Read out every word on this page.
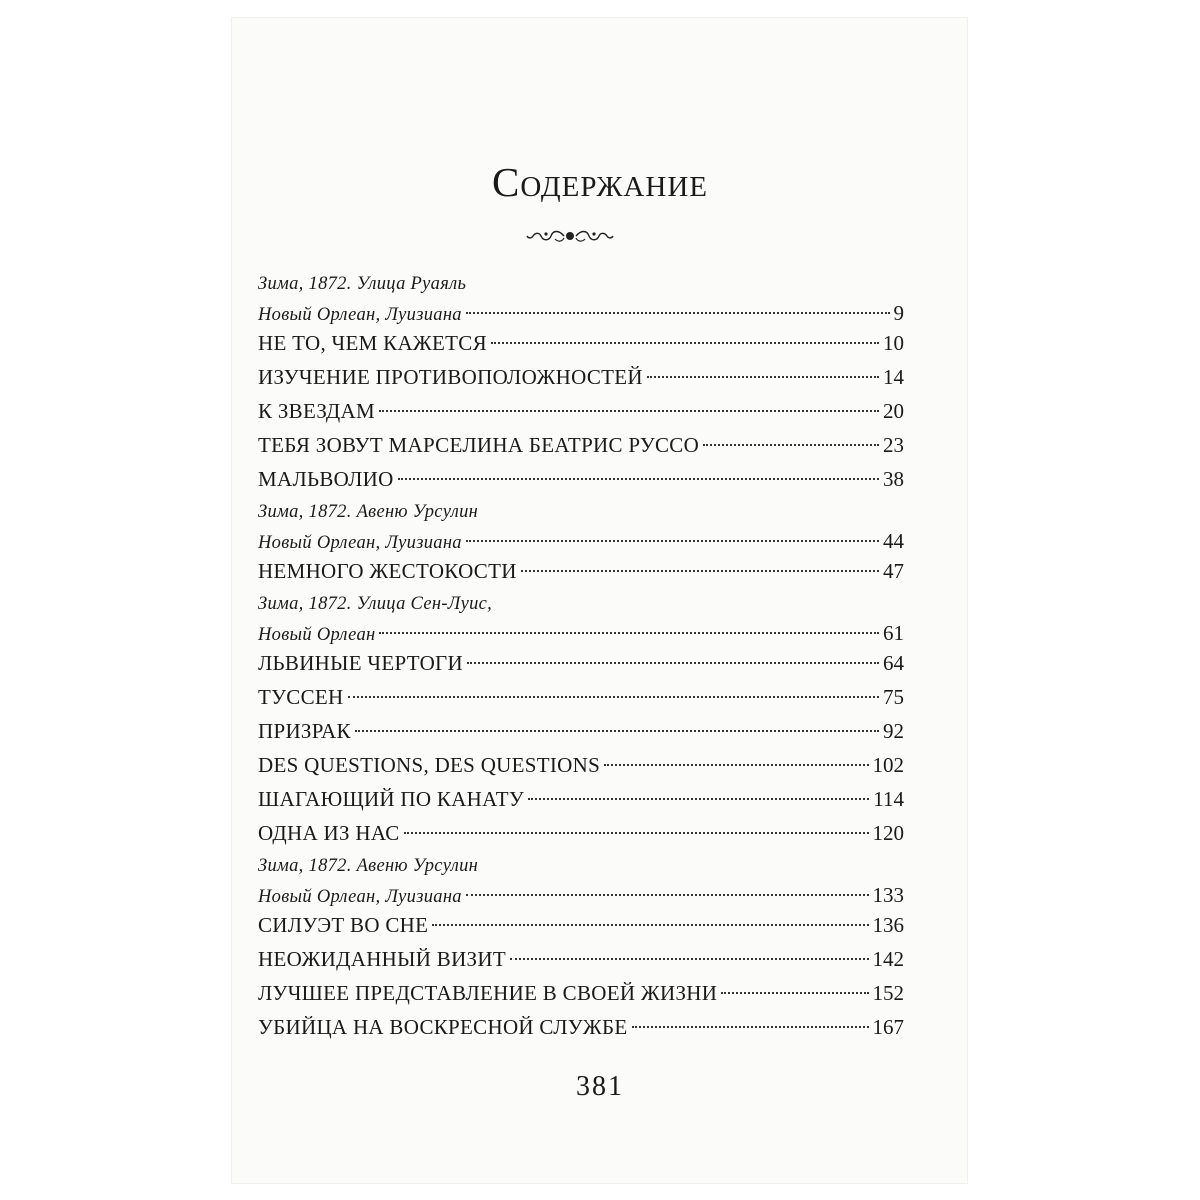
Содержание
Зима, 1872. Улица Руаяль
Новый Орлеан, Луизиана	9
НЕ ТО, ЧЕМ КАЖЕТСЯ	10
ИЗУЧЕНИЕ ПРОТИВОПОЛОЖНОСТЕЙ	14
К ЗВЕЗДАМ	20
ТЕБЯ ЗОВУТ МАРСЕЛИНА БЕАТРИС РУССО	23
МАЛЬВОЛИО	38
Зима, 1872. Авеню Урсулин
Новый Орлеан, Луизиана	44
НЕМНОГО ЖЕСТОКОСТИ	47
Зима, 1872. Улица Сен-Луис,
Новый Орлеан	61
ЛЬВИНЫЕ ЧЕРТОГИ	64
ТУССЕН	75
ПРИЗРАК	92
DES QUESTIONS, DES QUESTIONS	102
ШАГАЮЩИЙ ПО КАНАТУ	114
ОДНА ИЗ НАС	120
Зима, 1872. Авеню Урсулин
Новый Орлеан, Луизиана	133
СИЛУЭТ ВО СНЕ	136
НЕОЖИДАННЫЙ ВИЗИТ	142
ЛУЧШЕЕ ПРЕДСТАВЛЕНИЕ В СВОЕЙ ЖИЗНИ	152
УБИЙЦА НА ВОСКРЕСНОЙ СЛУЖБЕ	167
381
